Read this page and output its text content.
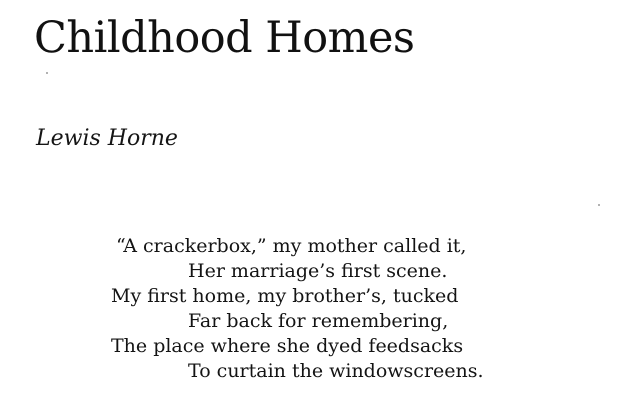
Childhood Homes

Lewis Horne

“A crackerbox,” my mother called it,
Her marriage’s first scene.
My first home, my brother’s, tucked
Far back for remembering,
The place where she dyed feedsacks
To curtain the windowscreens.
